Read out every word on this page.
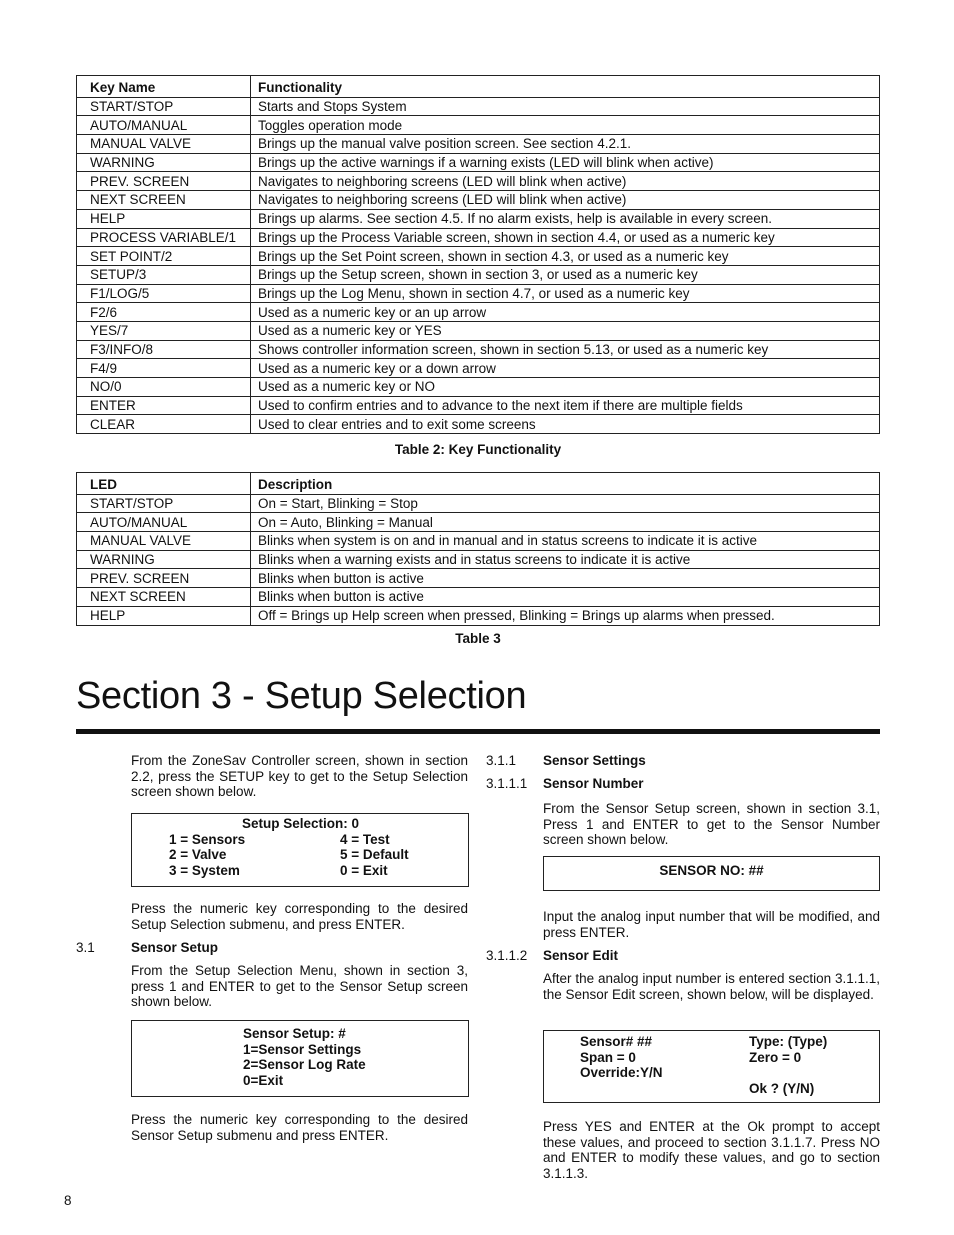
Key Name	Functionality
START/STOP	Starts and Stops System
AUTO/MANUAL	Toggles operation mode
MANUAL VALVE	Brings up the manual valve position screen. See section 4.2.1.
WARNING	Brings up the active warnings if a warning exists (LED will blink when active)
PREV. SCREEN	Navigates to neighboring screens (LED will blink when active)
NEXT SCREEN	Navigates to neighboring screens (LED will blink when active)
HELP	Brings up alarms. See section 4.5. If no alarm exists, help is available in every screen.
PROCESS VARIABLE/1	Brings up the Process Variable screen, shown in section 4.4, or used as a numeric key
SET POINT/2	Brings up the Set Point screen, shown in section 4.3, or used as a numeric key
SETUP/3	Brings up the Setup screen, shown in section 3, or used as a numeric key
F1/LOG/5	Brings up the Log Menu, shown in section 4.7, or used as a numeric key
F2/6	Used as a numeric key or an up arrow
YES/7	Used as a numeric key or YES
F3/INFO/8	Shows controller information screen, shown in section 5.13, or used as a numeric key
F4/9	Used as a numeric key or a down arrow
NO/0	Used as a numeric key or NO
ENTER	Used to confirm entries and to advance to the next item if there are multiple fields
CLEAR	Used to clear entries and to exit some screens
Table 2: Key Functionality
LED	Description
START/STOP	On = Start, Blinking = Stop
AUTO/MANUAL	On = Auto, Blinking = Manual
MANUAL VALVE	Blinks when system is on and in manual and in status screens to indicate it is active
WARNING	Blinks when a warning exists and in status screens to indicate it is active
PREV. SCREEN	Blinks when button is active
NEXT SCREEN	Blinks when button is active
HELP	Off = Brings up Help screen when pressed, Blinking = Brings up alarms when pressed.
Table 3
Section 3 - Setup Selection

From the ZoneSav Controller screen, shown in section 2.2, press the SETUP key to get to the Setup Selection screen shown below.

Setup Selection: 0
1 = Sensors
2 = Valve
3 = System
4 = Test
5 = Default
0 = Exit

Press the numeric key corresponding to the desired Setup Selection submenu, and press ENTER.

3.1	Sensor Setup

From the Setup Selection Menu, shown in section 3, press 1 and ENTER to get to the Sensor Setup screen shown below.

Sensor Setup: #
1=Sensor Settings
2=Sensor Log Rate
0=Exit

Press the numeric key corresponding to the desired Sensor Setup submenu and press ENTER.

3.1.1 Sensor Settings
3.1.1.1 Sensor Number

From the Sensor Setup screen, shown in section 3.1, Press 1 and ENTER to get to the Sensor Number screen shown below.

SENSOR NO: ##

Input the analog input number that will be modified, and press ENTER.

3.1.1.2 Sensor Edit

After the analog input number is entered section 3.1.1.1, the Sensor Edit screen, shown below, will be displayed.

Sensor# ##
Span = 0
Override:Y/N
Type: (Type)
Zero = 0
Ok ? (Y/N)

Press YES and ENTER at the Ok prompt to accept these values, and proceed to section 3.1.1.7. Press NO and ENTER to modify these values, and go to section 3.1.1.3.

8
